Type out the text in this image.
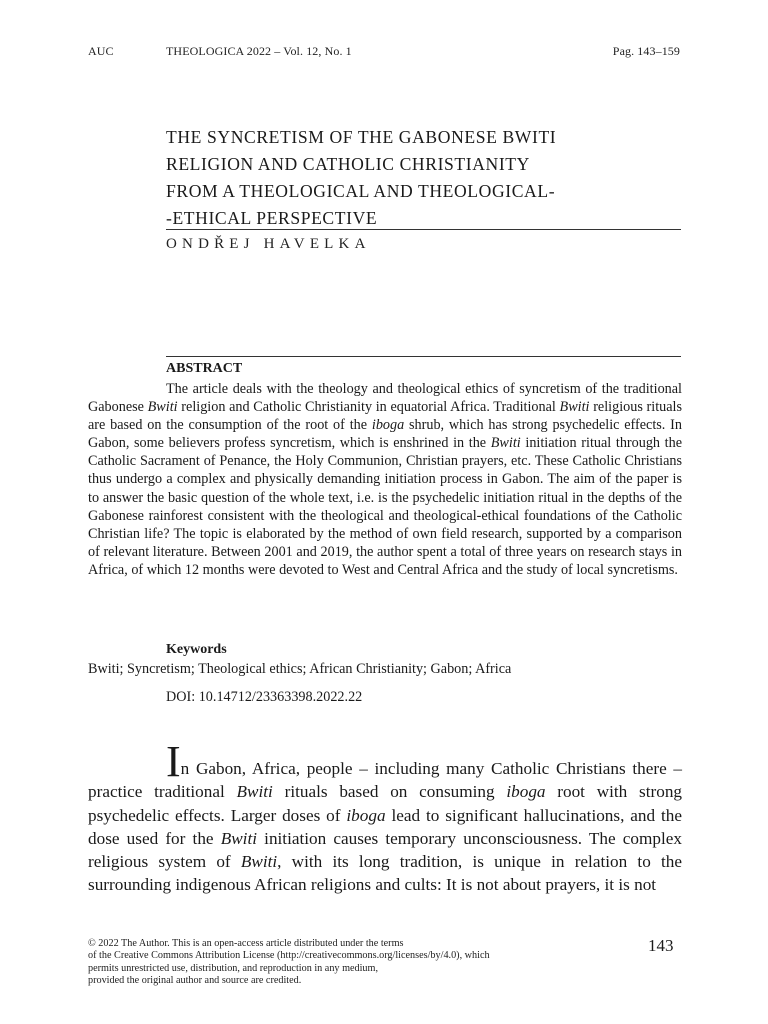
AUC	THEOLOGICA 2022 – Vol. 12, No. 1	Pag. 143–159
THE SYNCRETISM OF THE GABONESE BWITI
RELIGION AND CATHOLIC CHRISTIANITY
FROM A THEOLOGICAL AND THEOLOGICAL-
-ETHICAL PERSPECTIVE
ONDŘEJ HAVELKA
ABSTRACT
The article deals with the theology and theological ethics of syncretism of the traditional Gabonese Bwiti religion and Catholic Christianity in equatorial Africa. Traditional Bwiti religious rituals are based on the consumption of the root of the iboga shrub, which has strong psychedelic effects. In Gabon, some believers profess syncretism, which is enshrined in the Bwiti initiation ritual through the Catholic Sacrament of Penance, the Holy Communion, Christian prayers, etc. These Catholic Christians thus undergo a complex and physically demanding initiation process in Gabon. The aim of the paper is to answer the basic question of the whole text, i.e. is the psychedelic initiation ritual in the depths of the Gabonese rainforest consistent with the theological and theological-ethical foundations of the Catholic Christian life? The topic is elaborated by the method of own field research, supported by a comparison of relevant literature. Between 2001 and 2019, the author spent a total of three years on research stays in Africa, of which 12 months were devoted to West and Central Africa and the study of local syncretisms.
Keywords
Bwiti; Syncretism; Theological ethics; African Christianity; Gabon; Africa
DOI: 10.14712/23363398.2022.22
In Gabon, Africa, people – including many Catholic Christians there – practice traditional Bwiti rituals based on consuming iboga root with strong psychedelic effects. Larger doses of iboga lead to significant hallucinations, and the dose used for the Bwiti initiation causes temporary unconsciousness. The complex religious system of Bwiti, with its long tradition, is unique in relation to the surrounding indigenous African religions and cults: It is not about prayers, it is not
© 2022 The Author. This is an open-access article distributed under the terms
of the Creative Commons Attribution License (http://creativecommons.org/licenses/by/4.0), which
permits unrestricted use, distribution, and reproduction in any medium,
provided the original author and source are credited.
143
